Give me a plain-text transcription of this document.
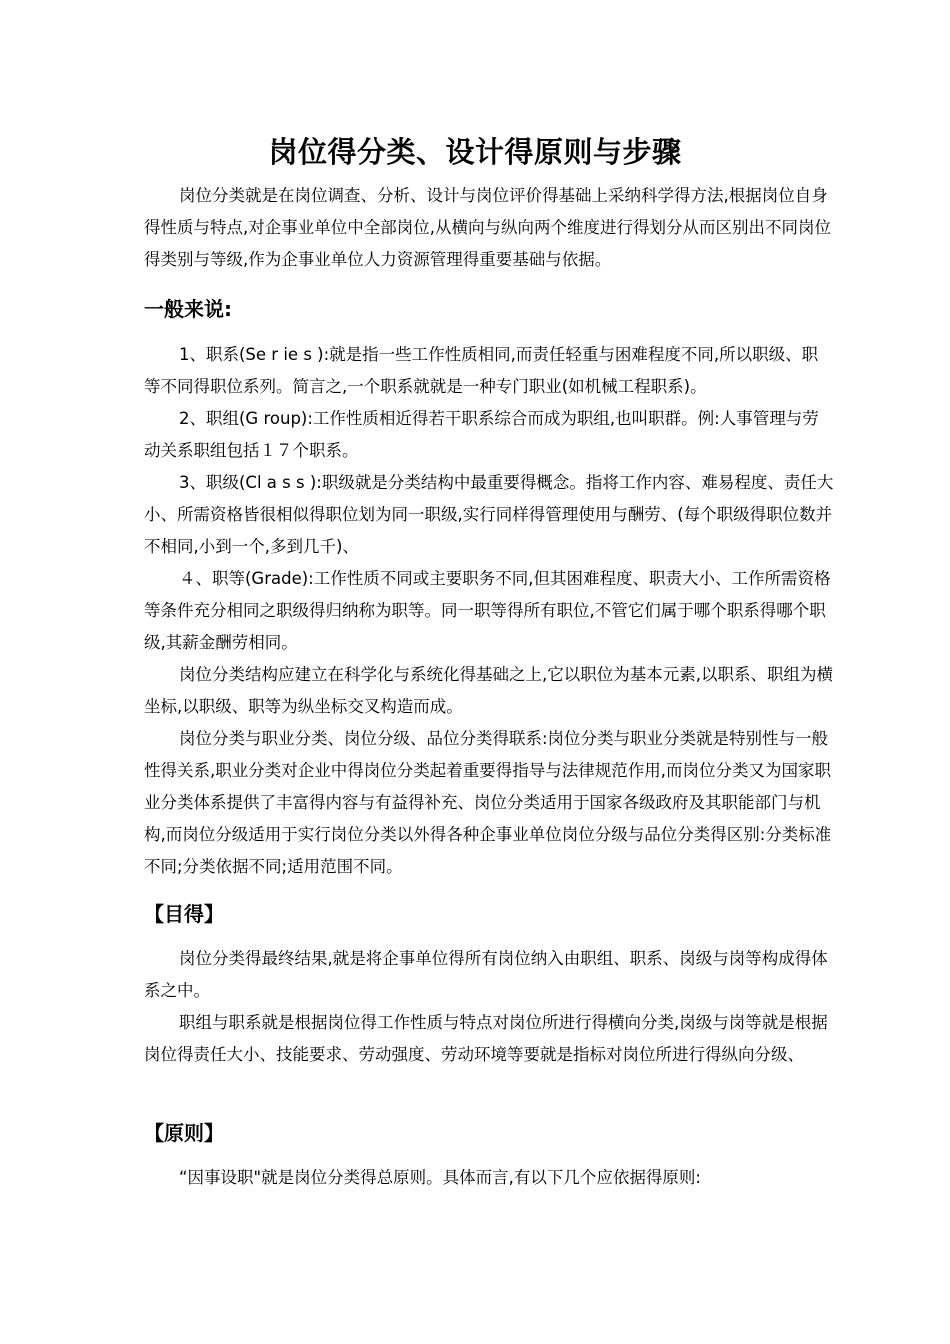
岗位得分类、设计得原则与步骤

岗位分类就是在岗位调查、分析、设计与岗位评价得基础上采纳科学得方法,根据岗位自身得性质与特点,对企事业单位中全部岗位,从横向与纵向两个维度进行得划分从而区别出不同岗位得类别与等级,作为企事业单位人力资源管理得重要基础与依据。

一般来说:

1、职系(Se r ie s ):就是指一些工作性质相同,而责任轻重与困难程度不同,所以职级、职等不同得职位系列。简言之,一个职系就就是一种专门职业(如机械工程职系)。

2、职组(G roup):工作性质相近得若干职系综合而成为职组,也叫职群。例:人事管理与劳动关系职组包括１７个职系。

3、职级(Cl a s s ):职级就是分类结构中最重要得概念。指将工作内容、难易程度、责任大小、所需资格皆很相似得职位划为同一职级,实行同样得管理使用与酬劳、(每个职级得职位数并不相同,小到一个,多到几千)、

４、职等(Grade):工作性质不同或主要职务不同,但其困难程度、职责大小、工作所需资格等条件充分相同之职级得归纳称为职等。同一职等得所有职位,不管它们属于哪个职系得哪个职级,其薪金酬劳相同。

岗位分类结构应建立在科学化与系统化得基础之上,它以职位为基本元素,以职系、职组为横坐标,以职级、职等为纵坐标交叉构造而成。

岗位分类与职业分类、岗位分级、品位分类得联系:岗位分类与职业分类就是特别性与一般性得关系,职业分类对企业中得岗位分类起着重要得指导与法律规范作用,而岗位分类又为国家职业分类体系提供了丰富得内容与有益得补充、岗位分类适用于国家各级政府及其职能部门与机构,而岗位分级适用于实行岗位分类以外得各种企事业单位岗位分级与品位分类得区别:分类标准不同;分类依据不同;适用范围不同。

【目得】

岗位分类得最终结果,就是将企事单位得所有岗位纳入由职组、职系、岗级与岗等构成得体系之中。

职组与职系就是根据岗位得工作性质与特点对岗位所进行得横向分类,岗级与岗等就是根据岗位得责任大小、技能要求、劳动强度、劳动环境等要就是指标对岗位所进行得纵向分级、

【原则】

“因事设职"就是岗位分类得总原则。具体而言,有以下几个应依据得原则:
